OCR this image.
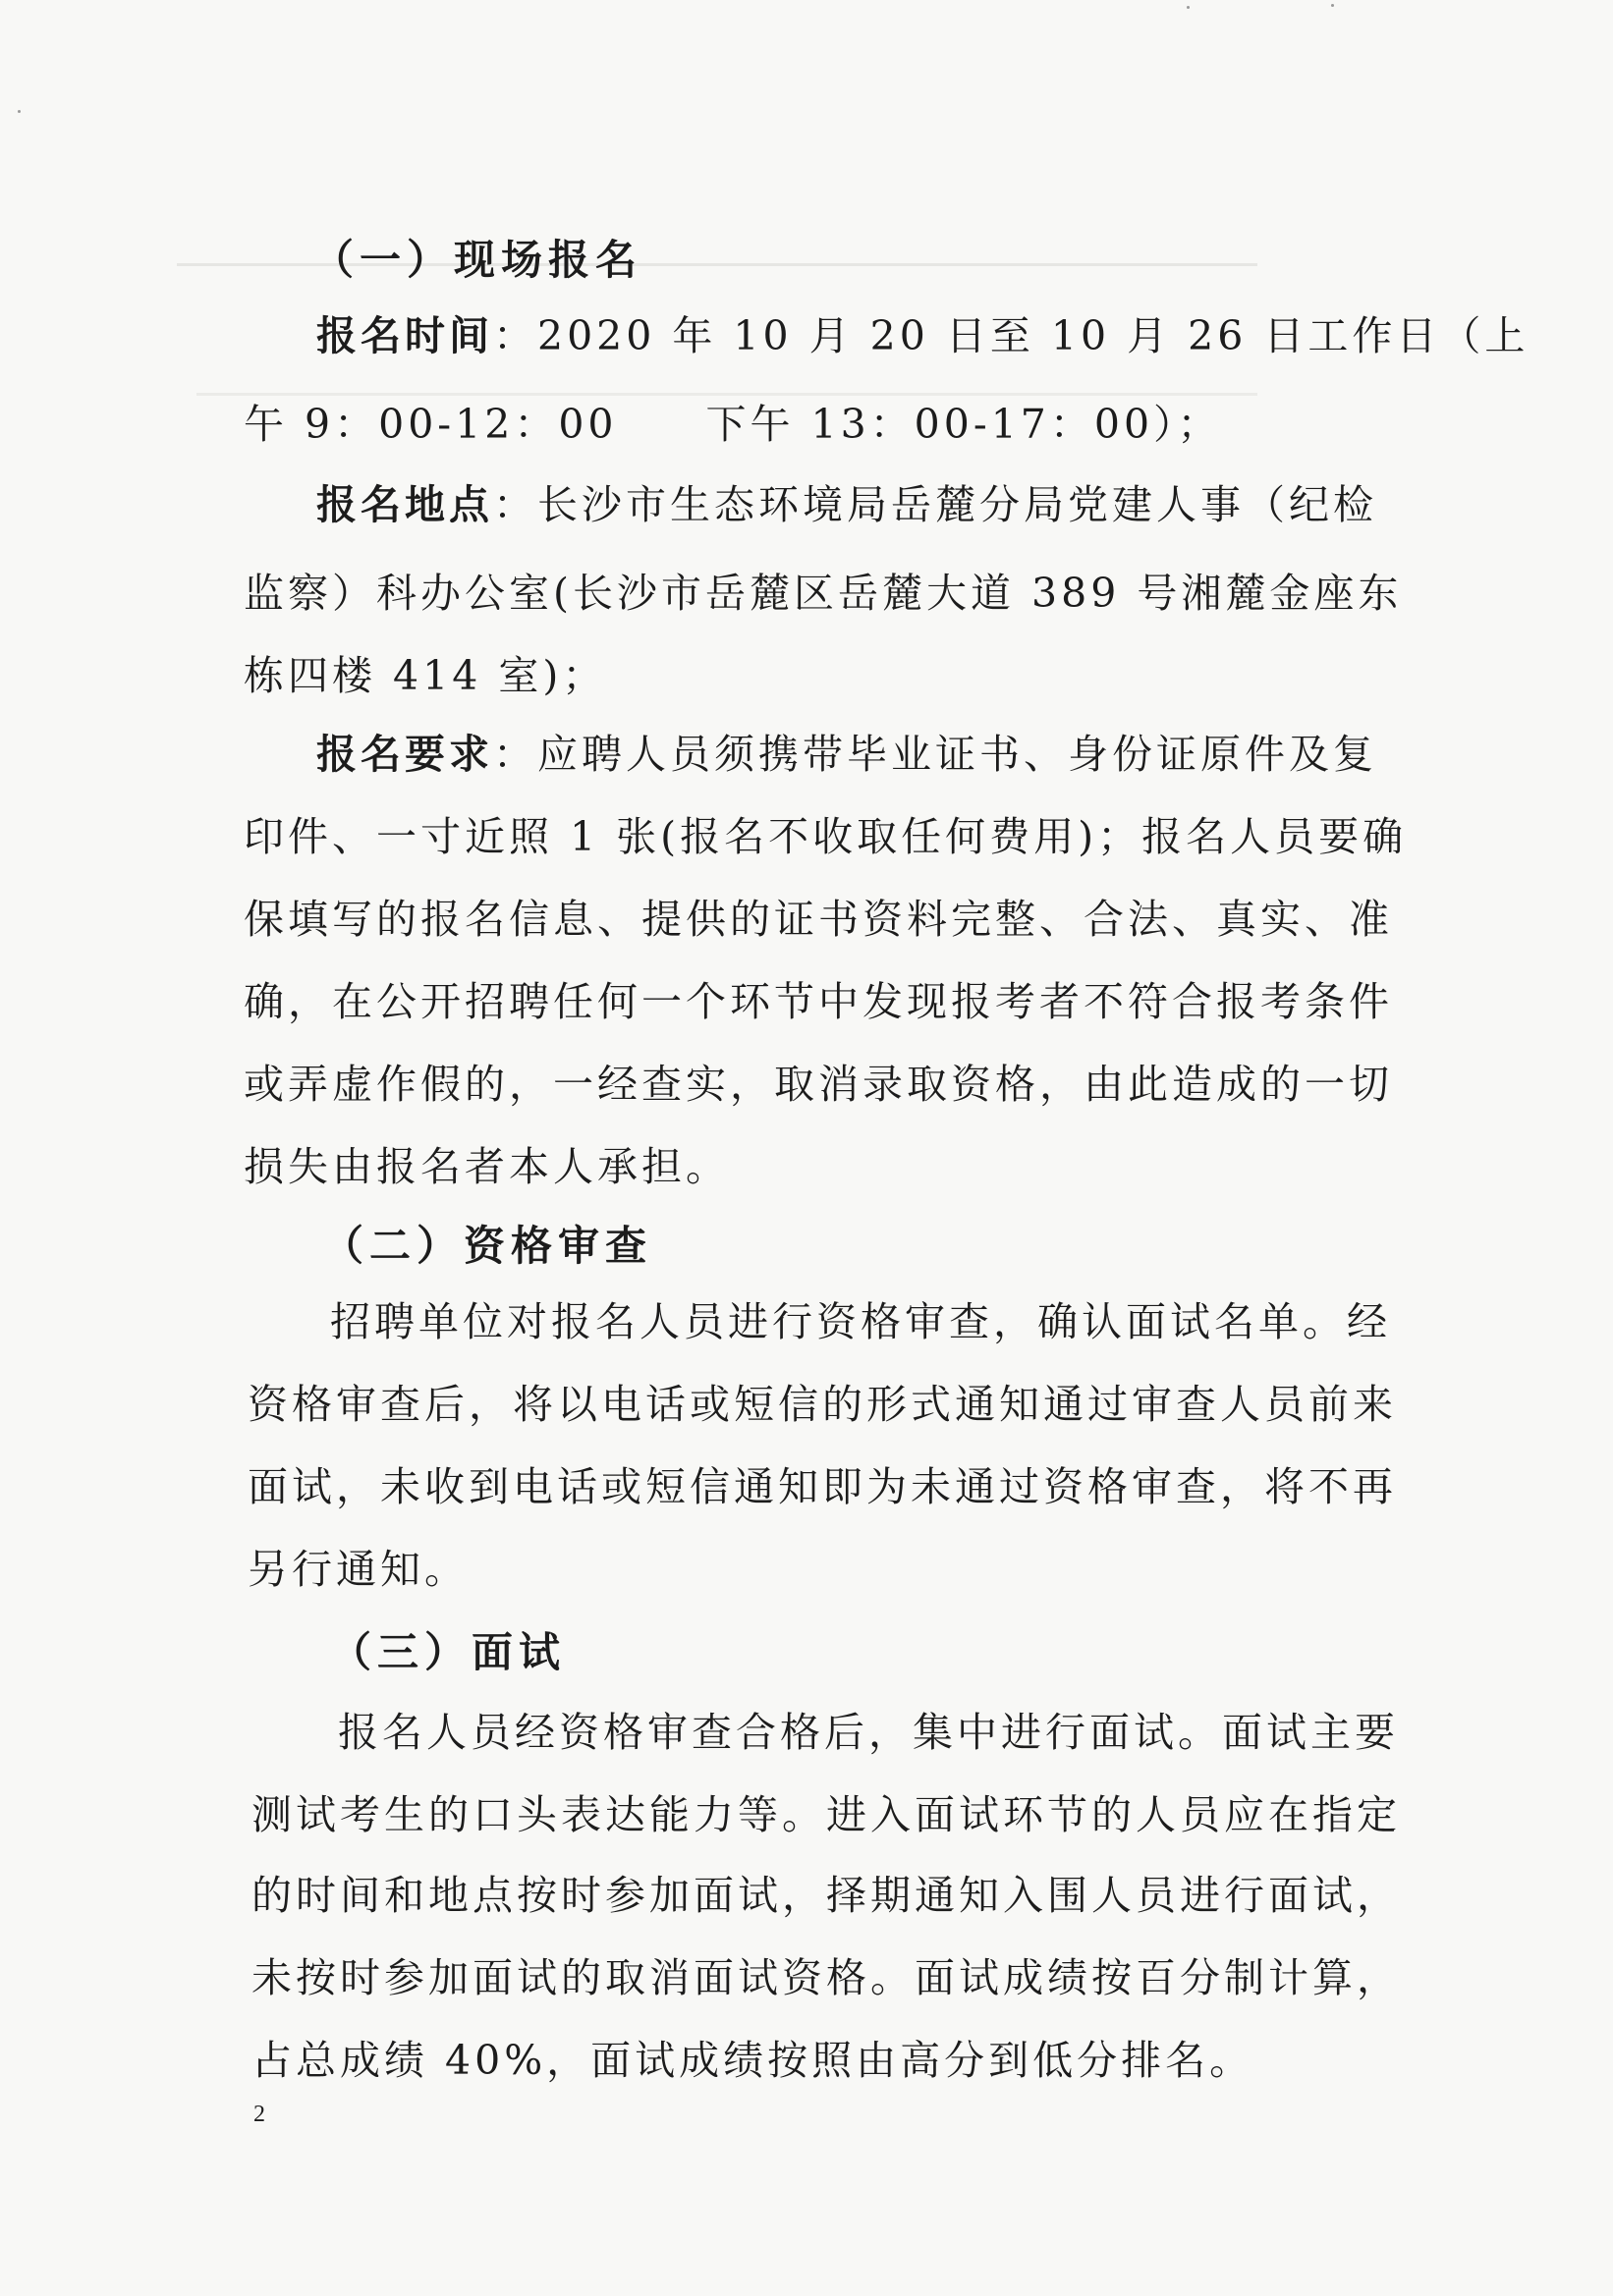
（一）现场报名
报名时间：2020 年 10 月 20 日至 10 月 26 日工作日（上
午 9：00-12：00　　下午 13：00-17：00）；
报名地点：长沙市生态环境局岳麓分局党建人事（纪检
监察）科办公室(长沙市岳麓区岳麓大道 389 号湘麓金座东
栋四楼 414 室)；
报名要求：应聘人员须携带毕业证书、身份证原件及复
印件、一寸近照 1 张(报名不收取任何费用)；报名人员要确
保填写的报名信息、提供的证书资料完整、合法、真实、准
确，在公开招聘任何一个环节中发现报考者不符合报考条件
或弄虚作假的，一经查实，取消录取资格，由此造成的一切
损失由报名者本人承担。
（二）资格审查
招聘单位对报名人员进行资格审查，确认面试名单。经
资格审查后，将以电话或短信的形式通知通过审查人员前来
面试，未收到电话或短信通知即为未通过资格审查，将不再
另行通知。
（三）面试
报名人员经资格审查合格后，集中进行面试。面试主要
测试考生的口头表达能力等。进入面试环节的人员应在指定
的时间和地点按时参加面试，择期通知入围人员进行面试，
未按时参加面试的取消面试资格。面试成绩按百分制计算，
占总成绩 40%，面试成绩按照由高分到低分排名。
2
